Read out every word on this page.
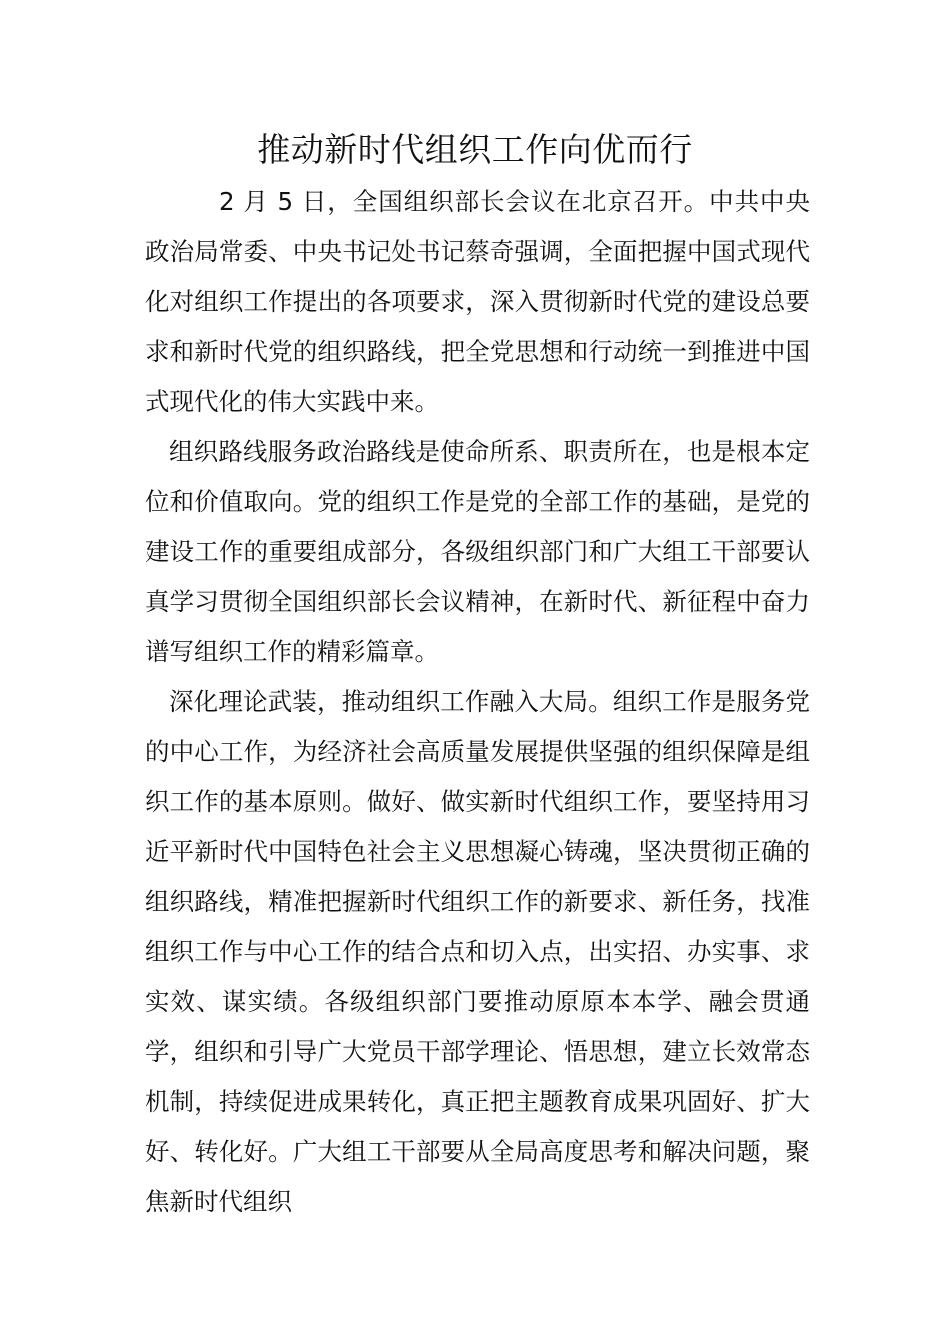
推动新时代组织工作向优而行

2 月 5 日，全国组织部长会议在北京召开。中共中央政治局常委、中央书记处书记蔡奇强调，全面把握中国式现代化对组织工作提出的各项要求，深入贯彻新时代党的建设总要求和新时代党的组织路线，把全党思想和行动统一到推进中国式现代化的伟大实践中来。

组织路线服务政治路线是使命所系、职责所在，也是根本定位和价值取向。党的组织工作是党的全部工作的基础，是党的建设工作的重要组成部分，各级组织部门和广大组工干部要认真学习贯彻全国组织部长会议精神，在新时代、新征程中奋力谱写组织工作的精彩篇章。

深化理论武装，推动组织工作融入大局。组织工作是服务党的中心工作，为经济社会高质量发展提供坚强的组织保障是组织工作的基本原则。做好、做实新时代组织工作，要坚持用习近平新时代中国特色社会主义思想凝心铸魂，坚决贯彻正确的组织路线，精准把握新时代组织工作的新要求、新任务，找准组织工作与中心工作的结合点和切入点，出实招、办实事、求实效、谋实绩。各级组织部门要推动原原本本学、融会贯通学，组织和引导广大党员干部学理论、悟思想，建立长效常态机制，持续促进成果转化，真正把主题教育成果巩固好、扩大好、转化好。广大组工干部要从全局高度思考和解决问题，聚焦新时代组织
